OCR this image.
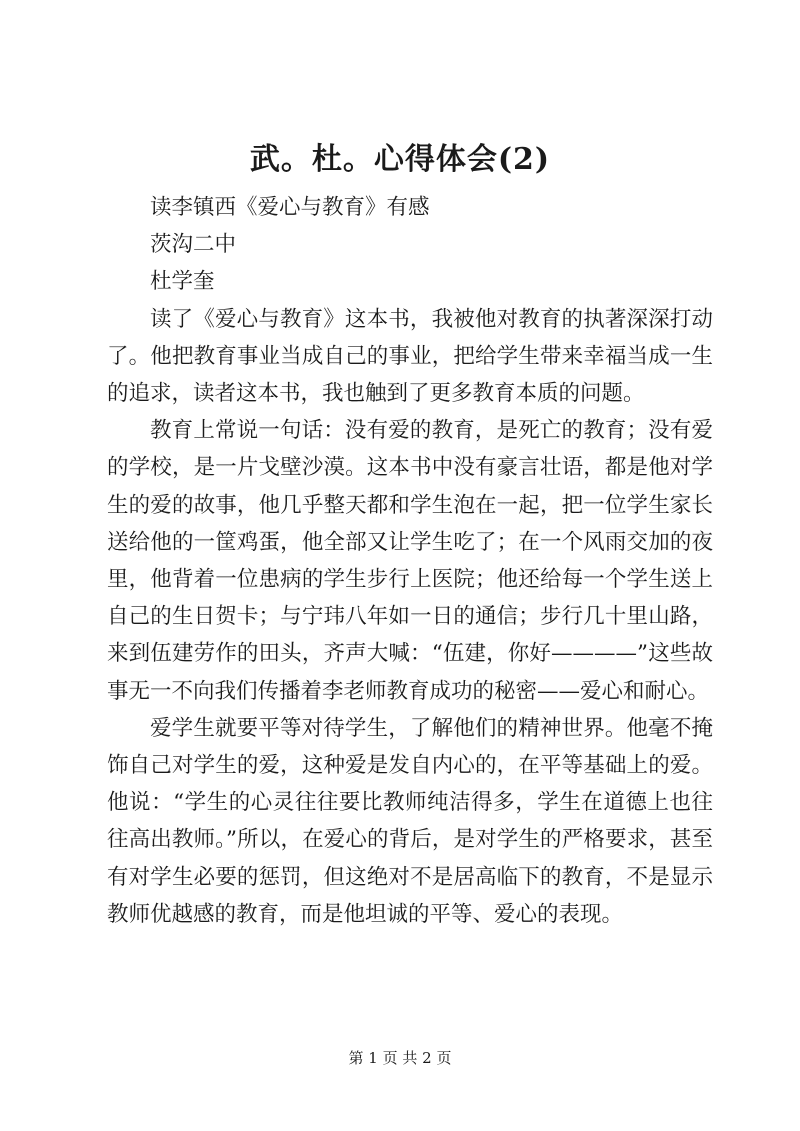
武。杜。心得体会(2)

读李镇西《爱心与教育》有感

茨沟二中

杜学奎

读了《爱心与教育》这本书，我被他对教育的执著深深打动了。他把教育事业当成自己的事业，把给学生带来幸福当成一生的追求，读者这本书，我也触到了更多教育本质的问题。

教育上常说一句话：没有爱的教育，是死亡的教育；没有爱的学校，是一片戈壁沙漠。这本书中没有豪言壮语，都是他对学生的爱的故事，他几乎整天都和学生泡在一起，把一位学生家长送给他的一筐鸡蛋，他全部又让学生吃了；在一个风雨交加的夜里，他背着一位患病的学生步行上医院；他还给每一个学生送上自己的生日贺卡；与宁玮八年如一日的通信；步行几十里山路，来到伍建劳作的田头，齐声大喊：“伍建，你好————”这些故事无一不向我们传播着李老师教育成功的秘密——爱心和耐心。

爱学生就要平等对待学生，了解他们的精神世界。他毫不掩饰自己对学生的爱，这种爱是发自内心的，在平等基础上的爱。他说：“学生的心灵往往要比教师纯洁得多，学生在道德上也往往高出教师。”所以，在爱心的背后，是对学生的严格要求，甚至有对学生必要的惩罚，但这绝对不是居高临下的教育，不是显示教师优越感的教育，而是他坦诚的平等、爱心的表现。

第 1 页 共 2 页
